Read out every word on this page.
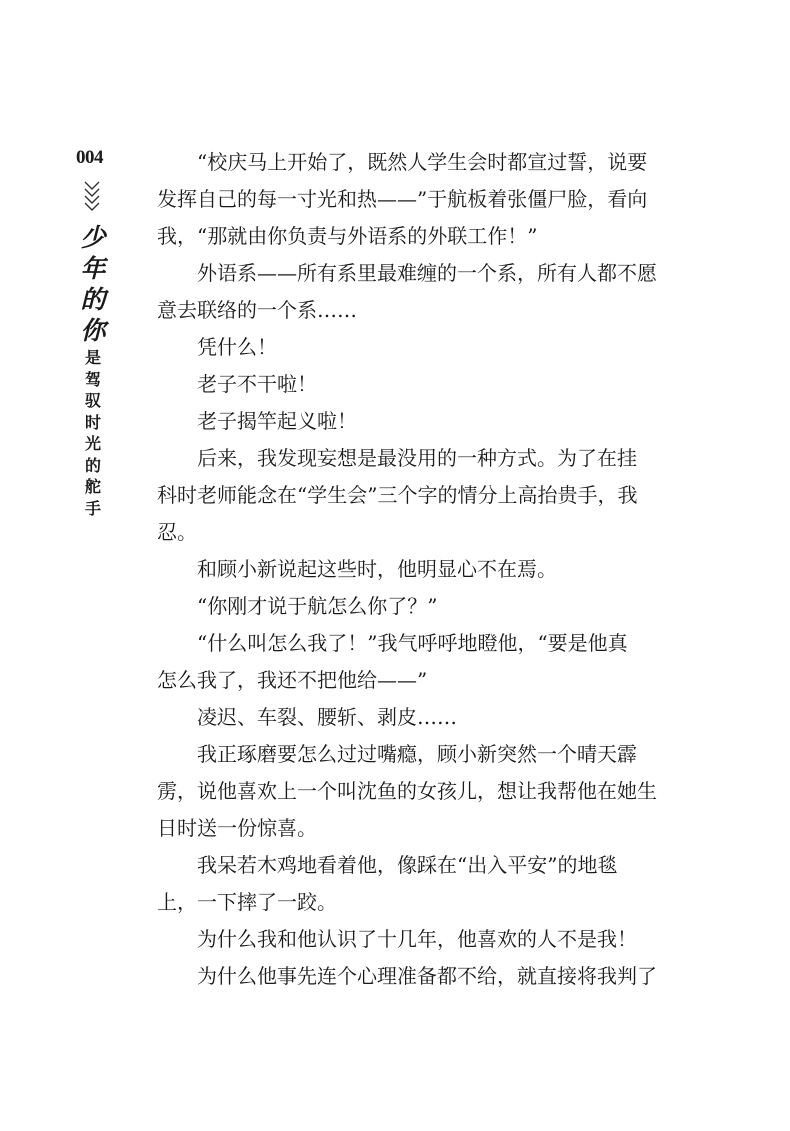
004
少
年
的
你
是
驾
驭
时
光
的
舵
手
“校庆马上开始了，既然人学生会时都宣过誓，说要
发挥自己的每一寸光和热——”于航板着张僵尸脸，看向
我，“那就由你负责与外语系的外联工作！”
外语系——所有系里最难缠的一个系，所有人都不愿
意去联络的一个系……
凭什么！
老子不干啦！
老子揭竿起义啦！
后来，我发现妄想是最没用的一种方式。为了在挂
科时老师能念在“学生会”三个字的情分上高抬贵手，我
忍。
和顾小新说起这些时，他明显心不在焉。
“你刚才说于航怎么你了？”
“什么叫怎么我了！”我气呼呼地瞪他，“要是他真
怎么我了，我还不把他给——”
凌迟、车裂、腰斩、剥皮……
我正琢磨要怎么过过嘴瘾，顾小新突然一个晴天霹
雳，说他喜欢上一个叫沈鱼的女孩儿，想让我帮他在她生
日时送一份惊喜。
我呆若木鸡地看着他，像踩在“出入平安”的地毯
上，一下摔了一跤。
为什么我和他认识了十几年，他喜欢的人不是我！
为什么他事先连个心理准备都不给，就直接将我判了
